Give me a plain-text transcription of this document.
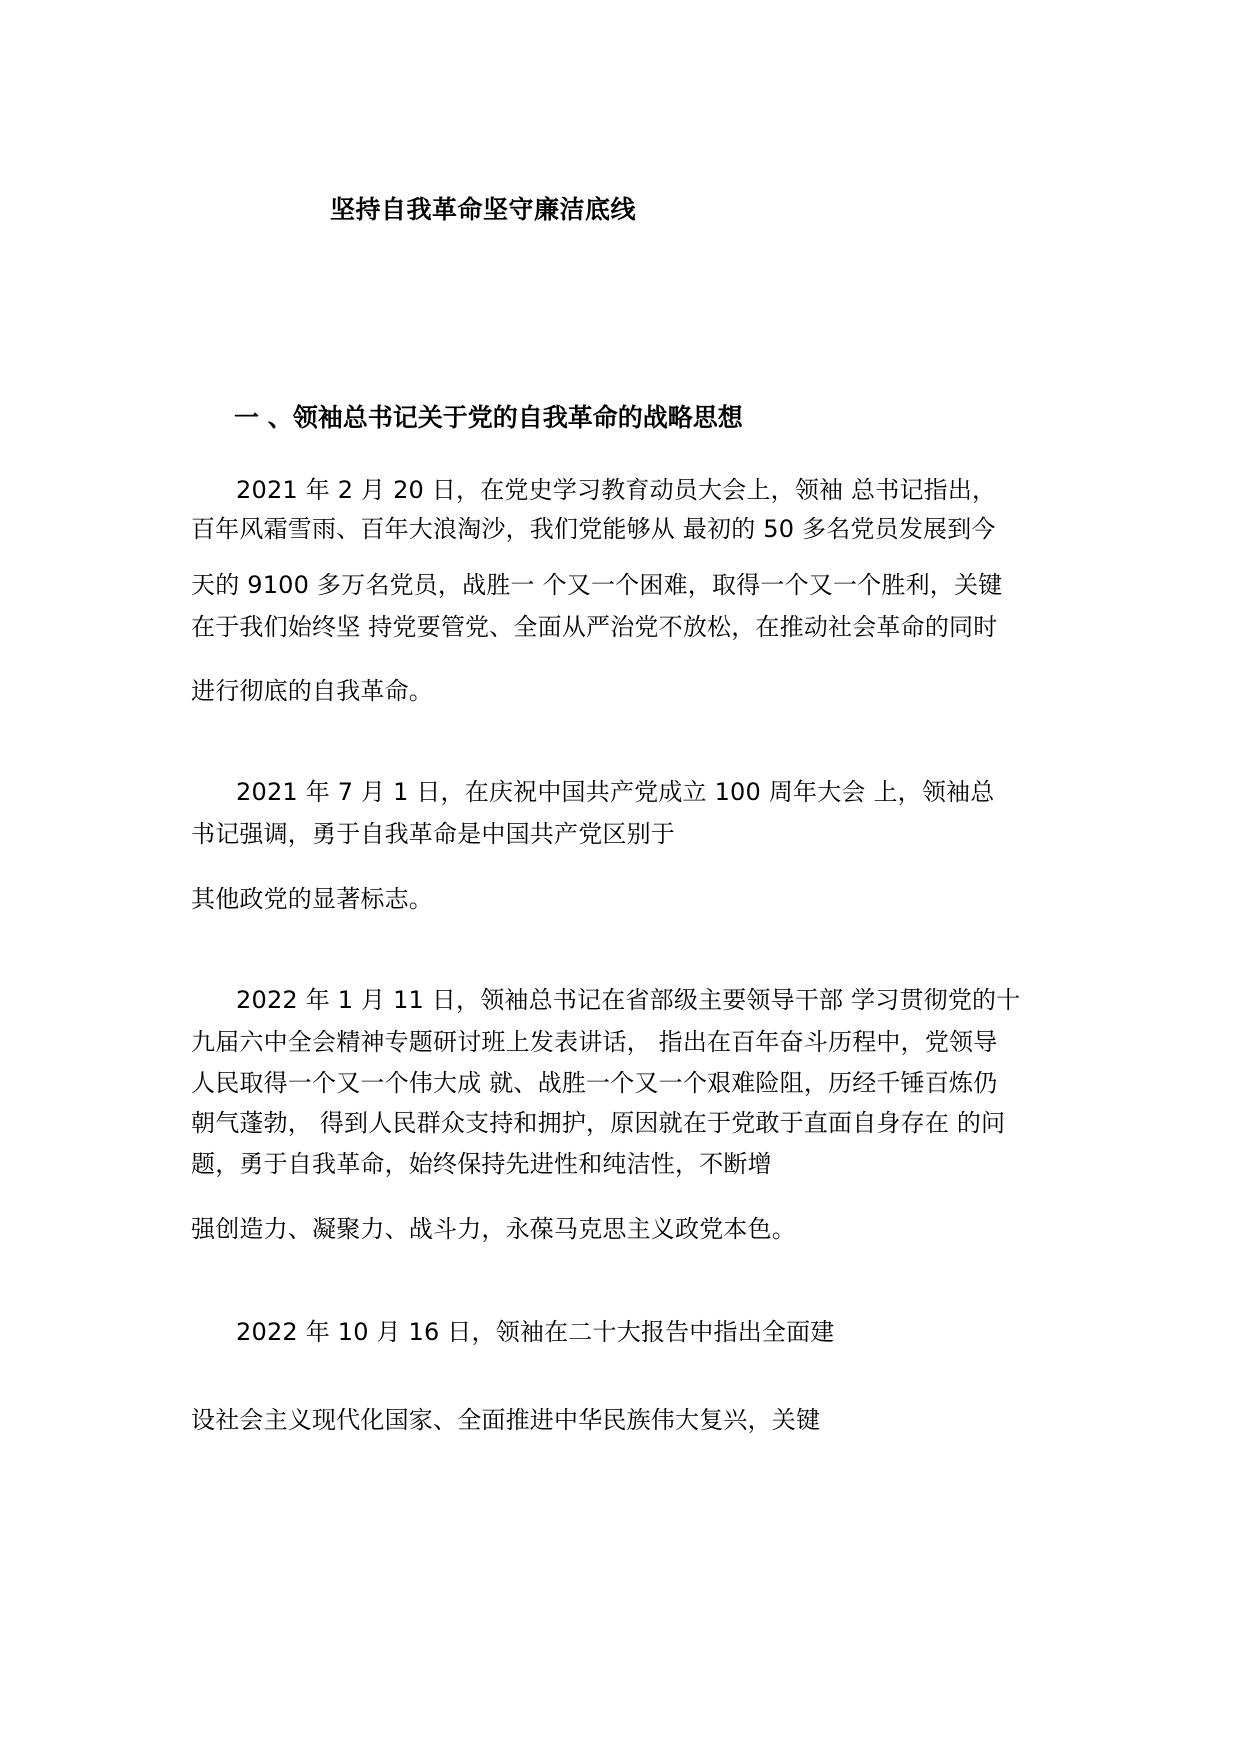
坚持自我革命坚守廉洁底线
一 、领袖总书记关于党的自我革命的战略思想
2021 年 2 月 20 日，在党史学习教育动员大会上，领袖 总书记指出，
百年风霜雪雨、百年大浪淘沙，我们党能够从 最初的 50 多名党员发展到今
天的 9100 多万名党员，战胜一 个又一个困难，取得一个又一个胜利，关键
在于我们始终坚 持党要管党、全面从严治党不放松，在推动社会革命的同时
进行彻底的自我革命。
2021 年 7 月 1 日，在庆祝中国共产党成立 100 周年大会 上，领袖总
书记强调，勇于自我革命是中国共产党区别于
其他政党的显著标志。
2022 年 1 月 11 日，领袖总书记在省部级主要领导干部 学习贯彻党的十
九届六中全会精神专题研讨班上发表讲话， 指出在百年奋斗历程中，党领导
人民取得一个又一个伟大成 就、战胜一个又一个艰难险阻，历经千锤百炼仍
朝气蓬勃， 得到人民群众支持和拥护，原因就在于党敢于直面自身存在 的问
题，勇于自我革命，始终保持先进性和纯洁性，不断增
强创造力、凝聚力、战斗力，永葆马克思主义政党本色。
2022 年 10 月 16 日，领袖在二十大报告中指出全面建
设社会主义现代化国家、全面推进中华民族伟大复兴，关键
